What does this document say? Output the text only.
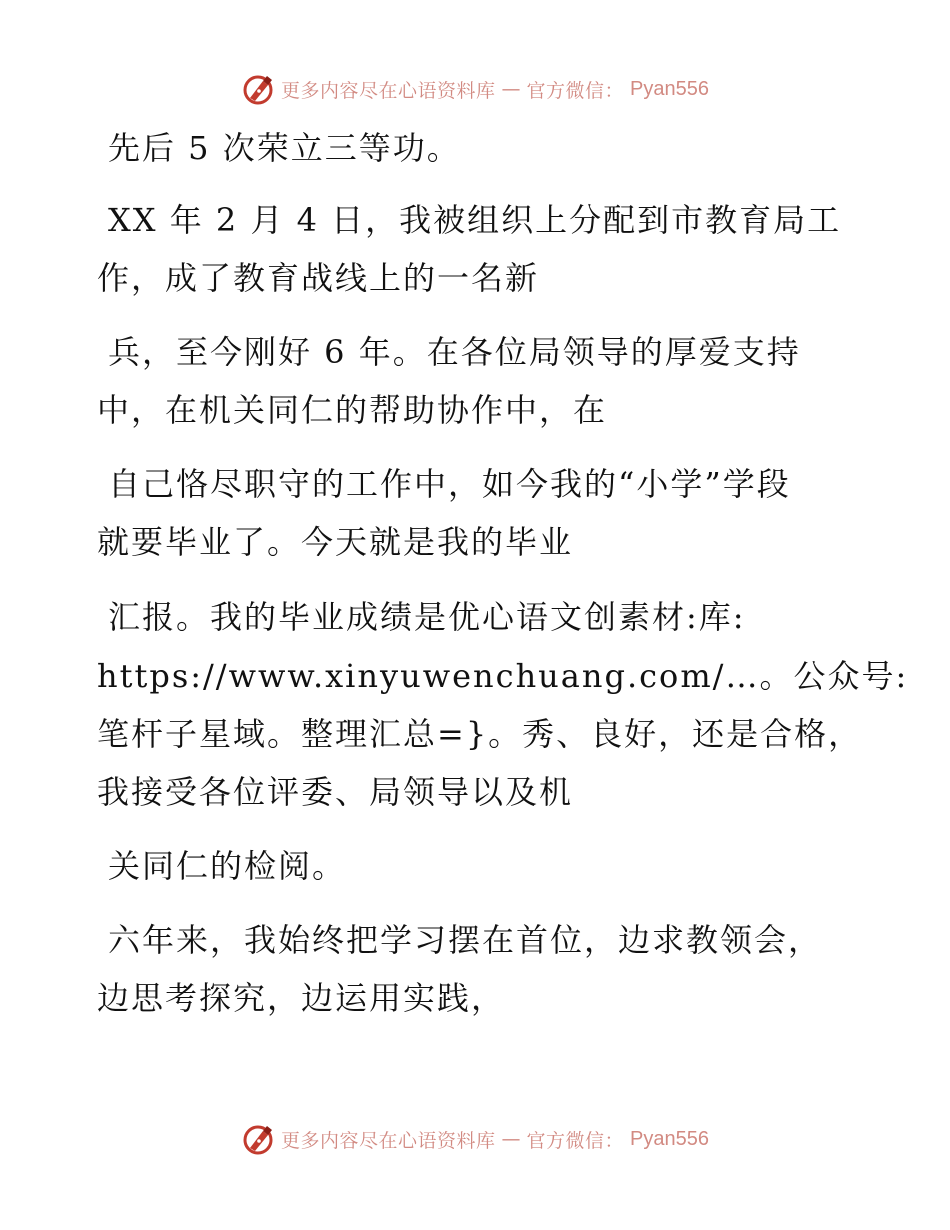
更多内容尽在心语资料库 — 官方微信： Pyan556
先后 5 次荣立三等功。
XX 年 2 月 4 日，我被组织上分配到市教育局工
作，成了教育战线上的一名新
兵，至今刚好 6 年。在各位局领导的厚爱支持
中，在机关同仁的帮助协作中，在
自己恪尽职守的工作中，如今我的“小学”学段
就要毕业了。今天就是我的毕业
汇报。我的毕业成绩是优心语文创素材:库:
https://www.xinyuwenchuang.com/…。公众号:
笔杆子星域。整理汇总=}。秀、良好，还是合格，
我接受各位评委、局领导以及机
关同仁的检阅。
六年来，我始终把学习摆在首位，边求教领会，
边思考探究，边运用实践，
更多内容尽在心语资料库 — 官方微信： Pyan556
